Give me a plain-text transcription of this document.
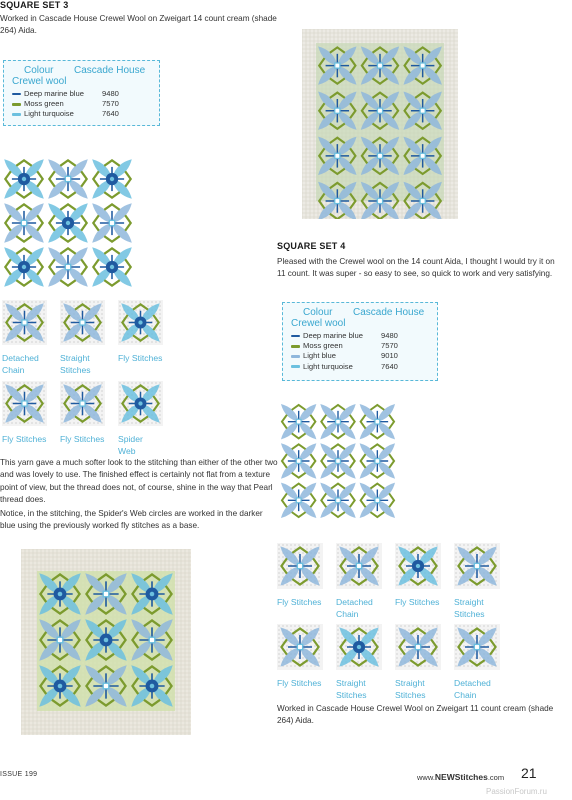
SQUARE SET 3
Worked in Cascade House Crewel Wool on Zweigart 14 count cream (shade 264) Aida.
Colour Cascade House
Crewel wool
Deep marine blue	9480
Moss green	7570
Light turquoise	7640
Detached
Chain
Straight
Stitches
Fly Stitches
Fly Stitches Fly Stitches Spider
Web
This yarn gave a much softer look to the stitching than either of the other two and was lovely to use. The finished effect is certainly not flat from a texture point of view, but the thread does not, of course, shine in the way that Pearl thread does.
Notice, in the stitching, the Spider's Web circles are worked in the darker blue using the previously worked fly stitches as a base.
SQUARE SET 4
Pleased with the Crewel wool on the 14 count Aida, I thought I would try it on 11 count. It was super - so easy to see, so quick to work and very satisfying.
Colour Cascade House
Crewel wool
Deep marine blue	9480
Moss green	7570
Light blue	9010
Light turquoise	7640
Fly Stitches Detached
Chain
Fly Stitches Straight
Stitches
Fly Stitches Straight
Stitches
Straight
Stitches
Detached
Chain
Worked in Cascade House Crewel Wool on Zweigart 11 count cream (shade 264) Aida.
ISSUE 199	www.NEWStitches.com 21
PassionForum.ru
